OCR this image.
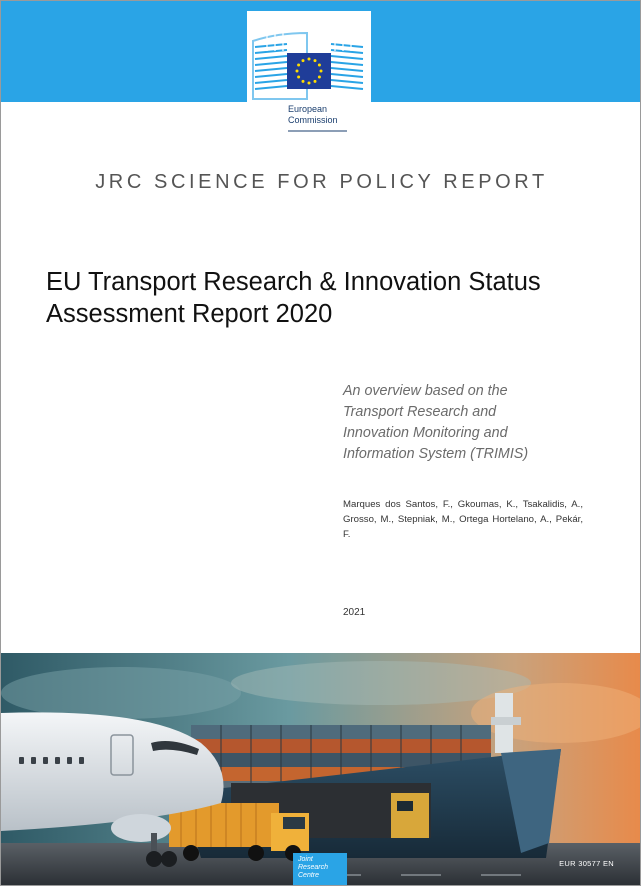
European
Commission
JRC SCIENCE FOR POLICY REPORT
EU Transport Research & Innovation Status
Assessment Report 2020
An overview based on the
Transport Research and
Innovation Monitoring and
Information System (TRIMIS)
Marques dos Santos, F., Gkoumas, K., Tsakalidis, A., Grosso, M., Stepniak, M., Ortega Hortelano, A., Pekár, F.
2021
Joint
Research
Centre
EUR 30577 EN
